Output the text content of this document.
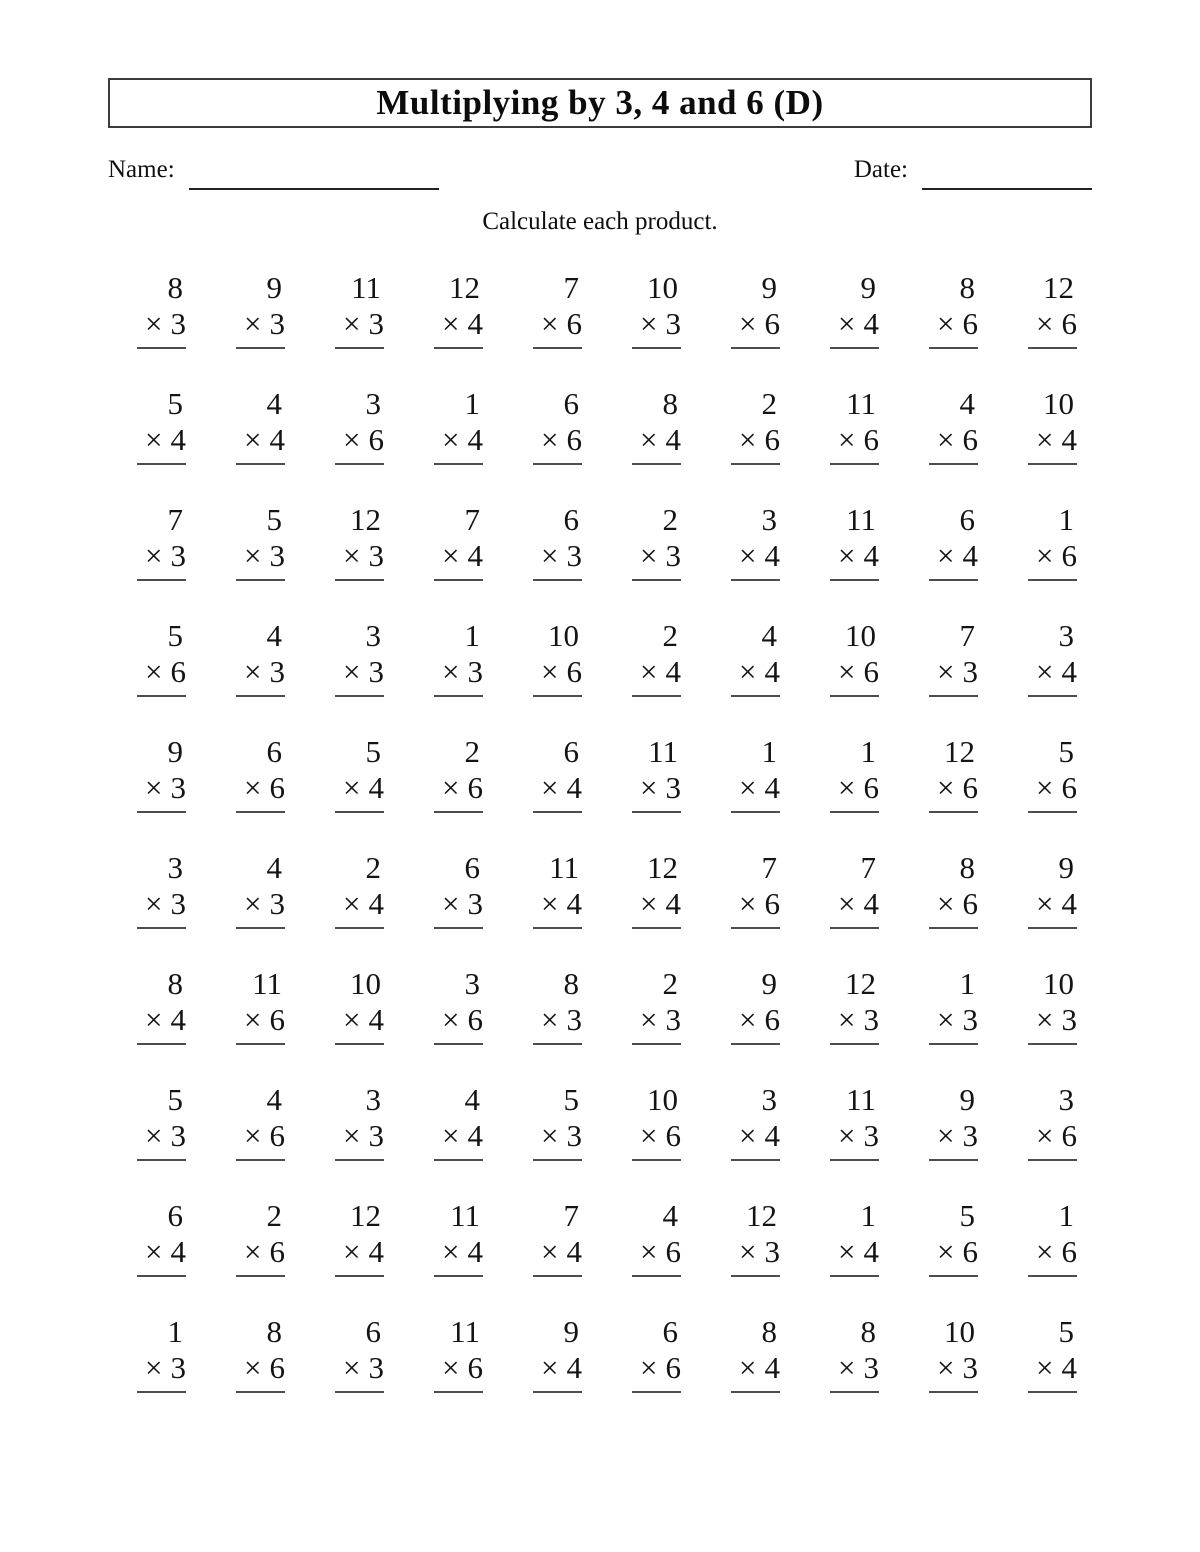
Multiplying by 3, 4 and 6 (D)
Name:	Date:
Calculate each product.
8
× 3
9
× 3
11
× 3
12
× 4
7
× 6
10
× 3
9
× 6
9
× 4
8
× 6
12
× 6
5
× 4
4
× 4
3
× 6
1
× 4
6
× 6
8
× 4
2
× 6
11
× 6
4
× 6
10
× 4
7
× 3
5
× 3
12
× 3
7
× 4
6
× 3
2
× 3
3
× 4
11
× 4
6
× 4
1
× 6
5
× 6
4
× 3
3
× 3
1
× 3
10
× 6
2
× 4
4
× 4
10
× 6
7
× 3
3
× 4
9
× 3
6
× 6
5
× 4
2
× 6
6
× 4
11
× 3
1
× 4
1
× 6
12
× 6
5
× 6
3
× 3
4
× 3
2
× 4
6
× 3
11
× 4
12
× 4
7
× 6
7
× 4
8
× 6
9
× 4
8
× 4
11
× 6
10
× 4
3
× 6
8
× 3
2
× 3
9
× 6
12
× 3
1
× 3
10
× 3
5
× 3
4
× 6
3
× 3
4
× 4
5
× 3
10
× 6
3
× 4
11
× 3
9
× 3
3
× 6
6
× 4
2
× 6
12
× 4
11
× 4
7
× 4
4
× 6
12
× 3
1
× 4
5
× 6
1
× 6
1
× 3
8
× 6
6
× 3
11
× 6
9
× 4
6
× 6
8
× 4
8
× 3
10
× 3
5
× 4
